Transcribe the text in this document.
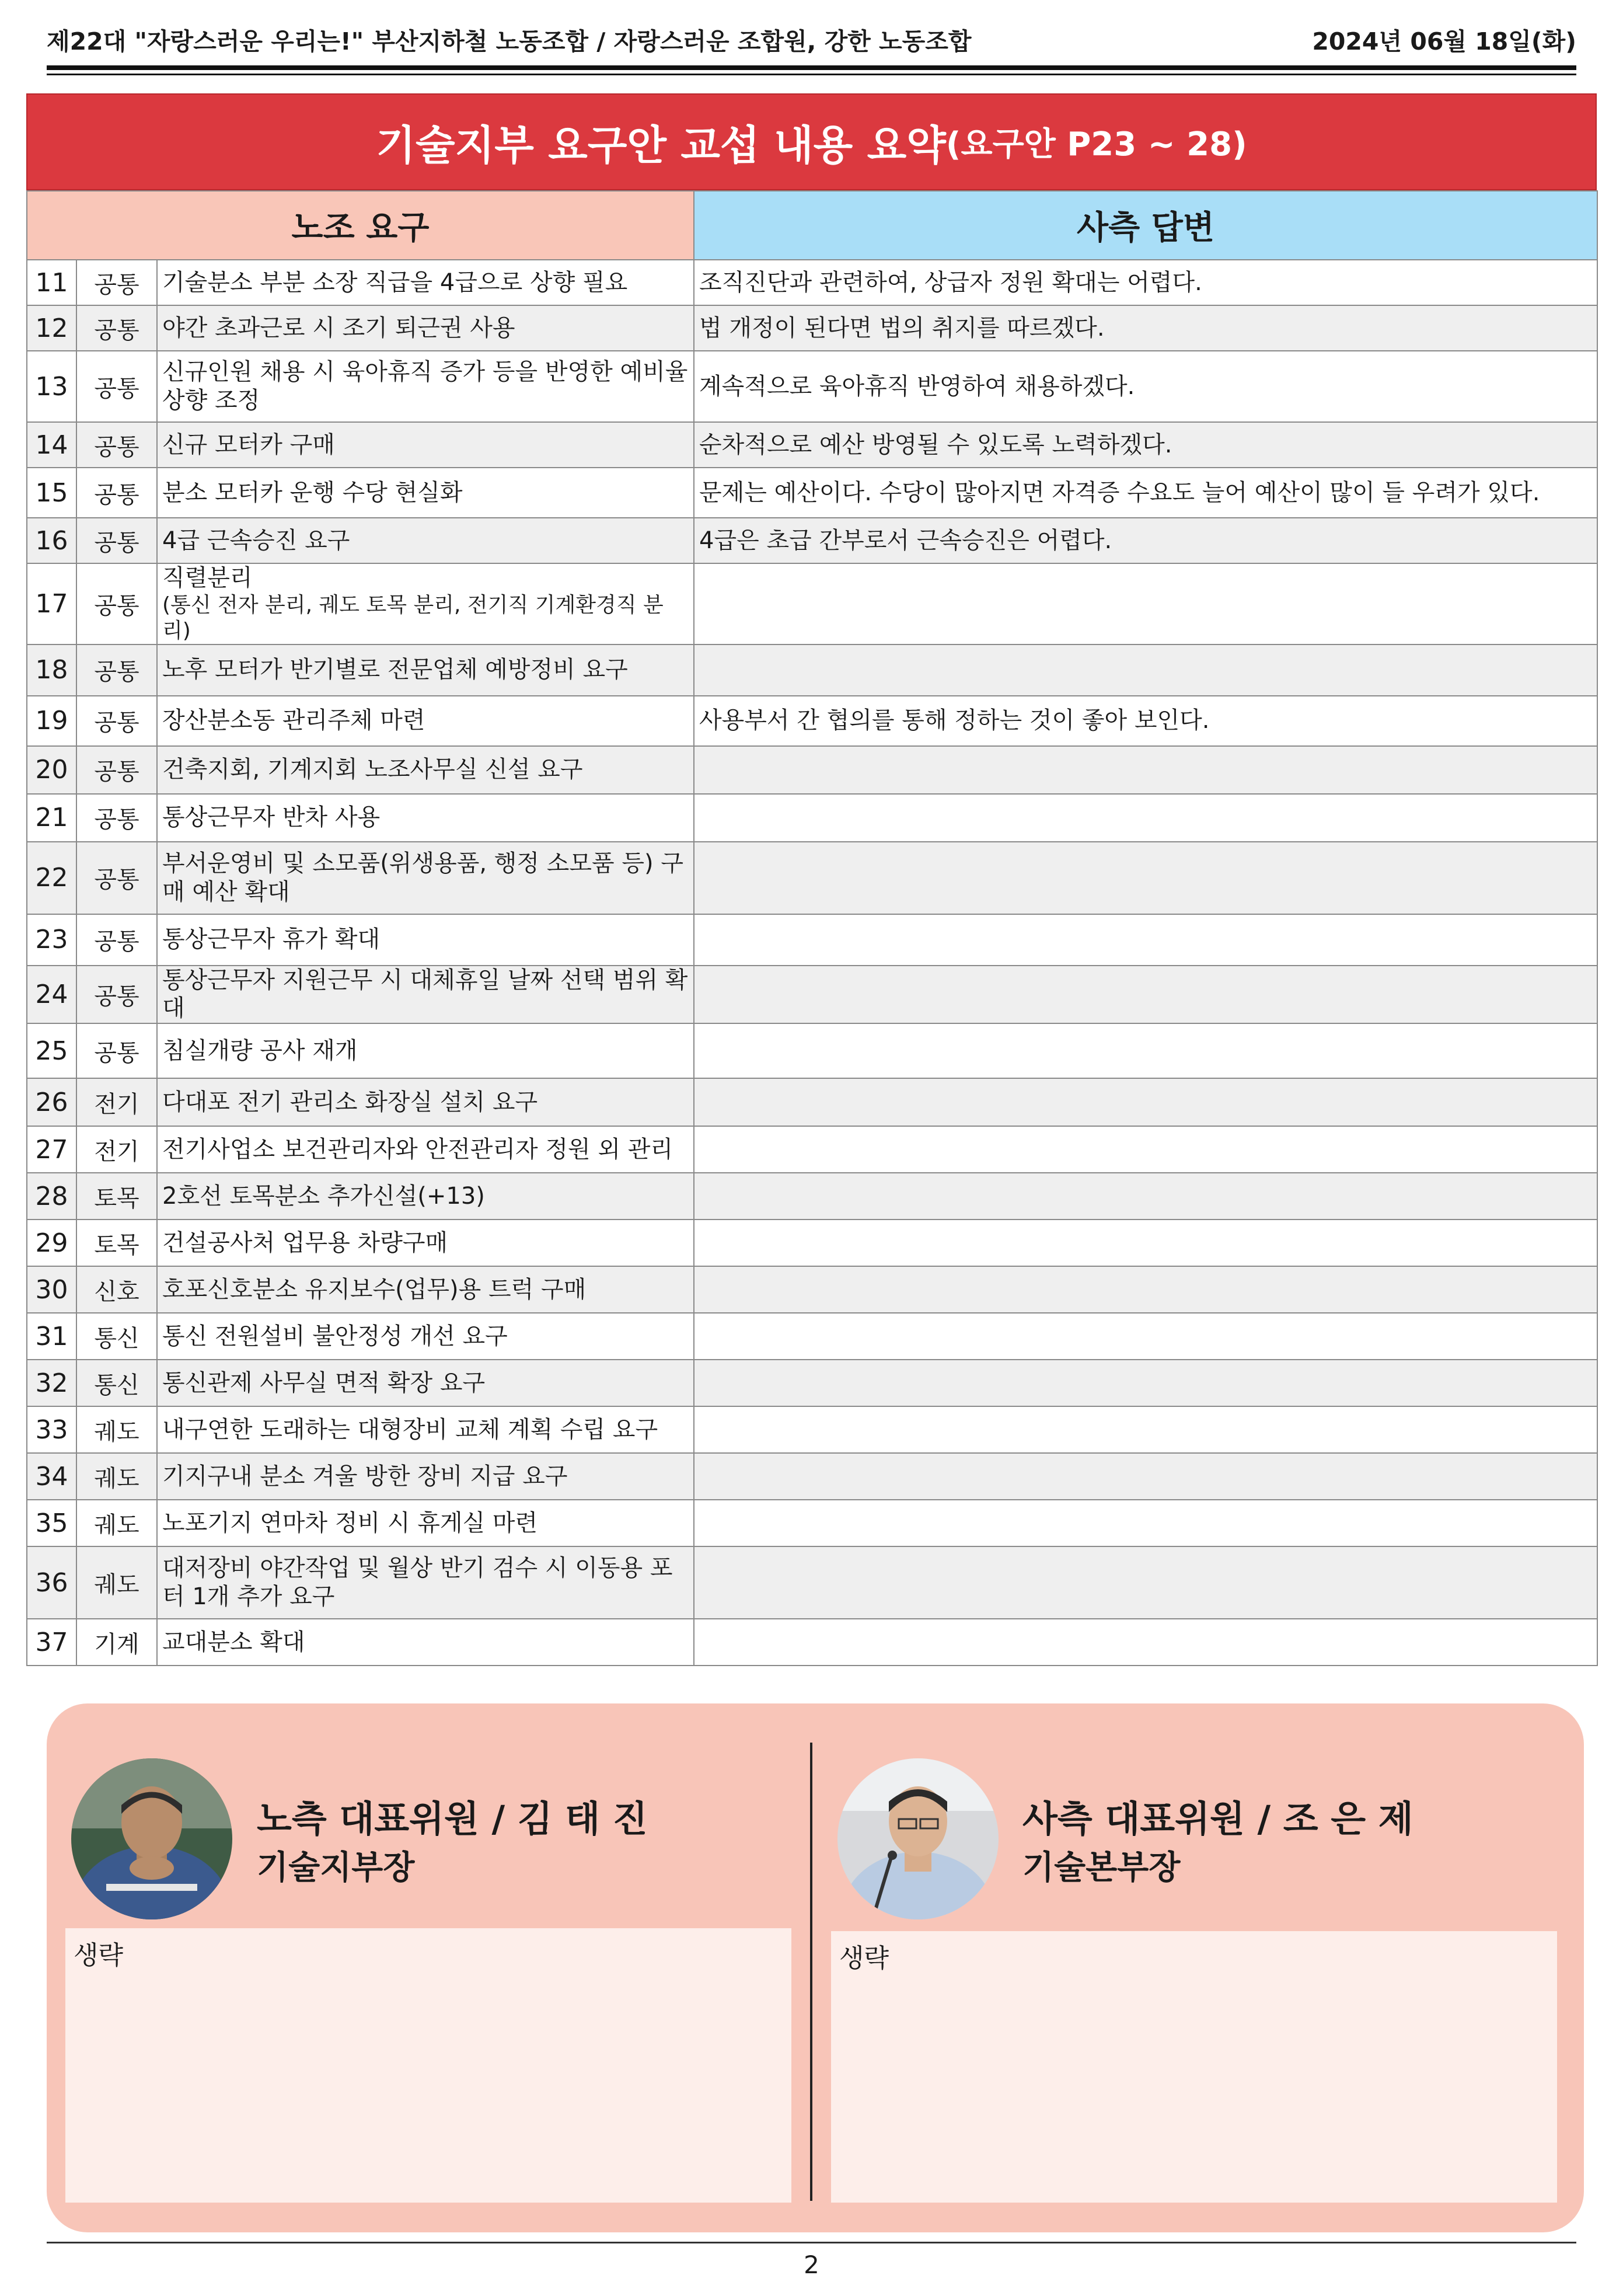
제22대 "자랑스러운 우리는!" 부산지하철 노동조합 / 자랑스러운 조합원, 강한 노동조합	2024년 06월 18일(화)
기술지부 요구안 교섭 내용 요약 (요구안 P23 ~ 28)
노조 요구			사측 답변
11	공통	기술분소 부분 소장 직급을 4급으로 상향 필요	조직진단과 관련하여, 상급자 정원 확대는 어렵다.
12	공통	야간 초과근로 시 조기 퇴근권 사용	법 개정이 된다면 법의 취지를 따르겠다.
13	공통	신규인원 채용 시 육아휴직 증가 등을 반영한 예비율 상향 조정	계속적으로 육아휴직 반영하여 채용하겠다.
14	공통	신규 모터카 구매	순차적으로 예산 방영될 수 있도록 노력하겠다.
15	공통	분소 모터카 운행 수당 현실화	문제는 예산이다. 수당이 많아지면 자격증 수요도 늘어 예산이 많이 들 우려가 있다.
16	공통	4급 근속승진 요구	4급은 초급 간부로서 근속승진은 어렵다.
17	공통	직렬분리
(통신 전자 분리, 궤도 토목 분리, 전기직 기계환경직 분리)	

18	공통	노후 모터가 반기별로 전문업체 예방정비 요구	

19	공통	장산분소동 관리주체 마련	사용부서 간 협의를 통해 정하는 것이 좋아 보인다.
20	공통	건축지회, 기계지회 노조사무실 신설 요구	

21	공통	통상근무자 반차 사용	

22	공통	부서운영비 및 소모품(위생용품, 행정 소모품 등) 구매 예산 확대	

23	공통	통상근무자 휴가 확대	

24	공통	통상근무자 지원근무 시 대체휴일 날짜 선택 범위 확대	

25	공통	침실개량 공사 재개	

26	전기	다대포 전기 관리소 화장실 설치 요구	

27	전기	전기사업소 보건관리자와 안전관리자 정원 외 관리	

28	토목	2호선 토목분소 추가신설(+13)	

29	토목	건설공사처 업무용 차량구매	

30	신호	호포신호분소 유지보수(업무)용 트럭 구매	

31	통신	통신 전원설비 불안정성 개선 요구	

32	통신	통신관제 사무실 면적 확장 요구	

33	궤도	내구연한 도래하는 대형장비 교체 계획 수립 요구	

34	궤도	기지구내 분소 겨울 방한 장비 지급 요구	

35	궤도	노포기지 연마차 정비 시 휴게실 마련	

36	궤도	대저장비 야간작업 및 월상 반기 검수 시 이동용 포터 1개 추가 요구	

37	기계	교대분소 확대	

노측 대표위원 / 김 태 진
기술지부장
생략
사측 대표위원 / 조 은 제
기술본부장
생략
2
